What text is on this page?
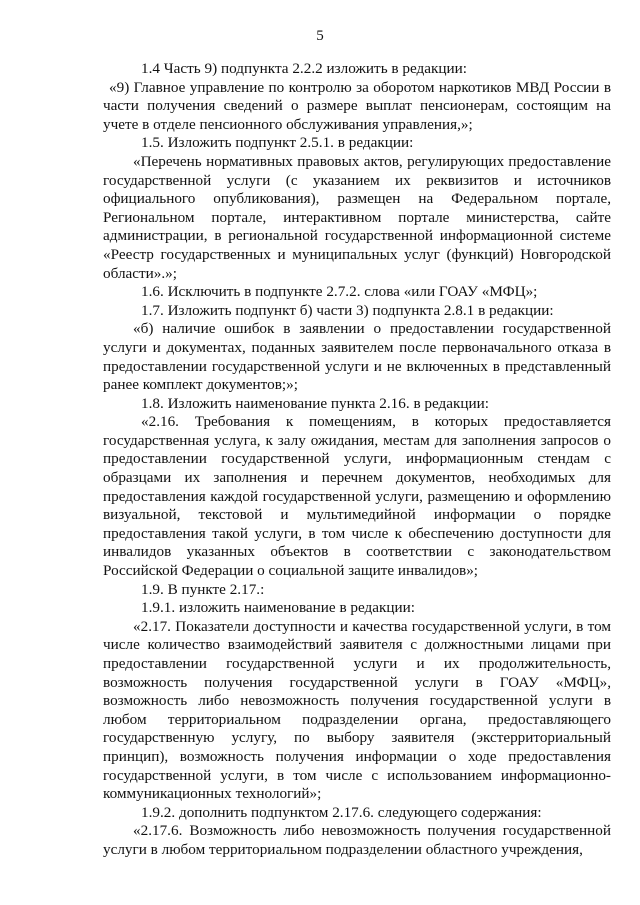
5

1.4 Часть 9) подпункта 2.2.2 изложить в редакции:

«9) Главное управление по контролю за оборотом наркотиков МВД России в части получения сведений о размере выплат пенсионерам, состоящим на учете в отделе пенсионного обслуживания управления,»;

1.5. Изложить подпункт 2.5.1. в редакции:

«Перечень нормативных правовых актов, регулирующих предоставление государственной услуги (с указанием их реквизитов и источников официального опубликования), размещен на Федеральном портале, Региональном портале, интерактивном портале министерства, сайте администрации, в региональной государственной информационной системе «Реестр государственных и муниципальных услуг (функций) Новгородской области».»;

1.6. Исключить в подпункте 2.7.2. слова «или ГОАУ «МФЦ»;

1.7. Изложить подпункт б) части 3) подпункта 2.8.1 в редакции:

«б) наличие ошибок в заявлении о предоставлении государственной услуги и документах, поданных заявителем после первоначального отказа в предоставлении государственной услуги и не включенных в представленный ранее комплект документов;»;

1.8. Изложить наименование пункта 2.16. в редакции:

«2.16. Требования к помещениям, в которых предоставляется государственная услуга, к залу ожидания, местам для заполнения запросов о предоставлении государственной услуги, информационным стендам с образцами их заполнения и перечнем документов, необходимых для предоставления каждой государственной услуги, размещению и оформлению визуальной, текстовой и мультимедийной информации о порядке предоставления такой услуги, в том числе к обеспечению доступности для инвалидов указанных объектов в соответствии с законодательством Российской Федерации о социальной защите инвалидов»;

1.9. В пункте 2.17.:

1.9.1. изложить наименование в редакции:

«2.17. Показатели доступности и качества государственной услуги, в том числе количество взаимодействий заявителя с должностными лицами при предоставлении государственной услуги и их продолжительность, возможность получения государственной услуги в ГОАУ «МФЦ», возможность либо невозможность получения государственной услуги в любом территориальном подразделении органа, предоставляющего государственную услугу, по выбору заявителя (экстерриториальный принцип), возможность получения информации о ходе предоставления государственной услуги, в том числе с использованием информационно-коммуникационных технологий»;

1.9.2. дополнить подпунктом 2.17.6. следующего содержания:

«2.17.6. Возможность либо невозможность получения государственной услуги в любом территориальном подразделении областного учреждения,
